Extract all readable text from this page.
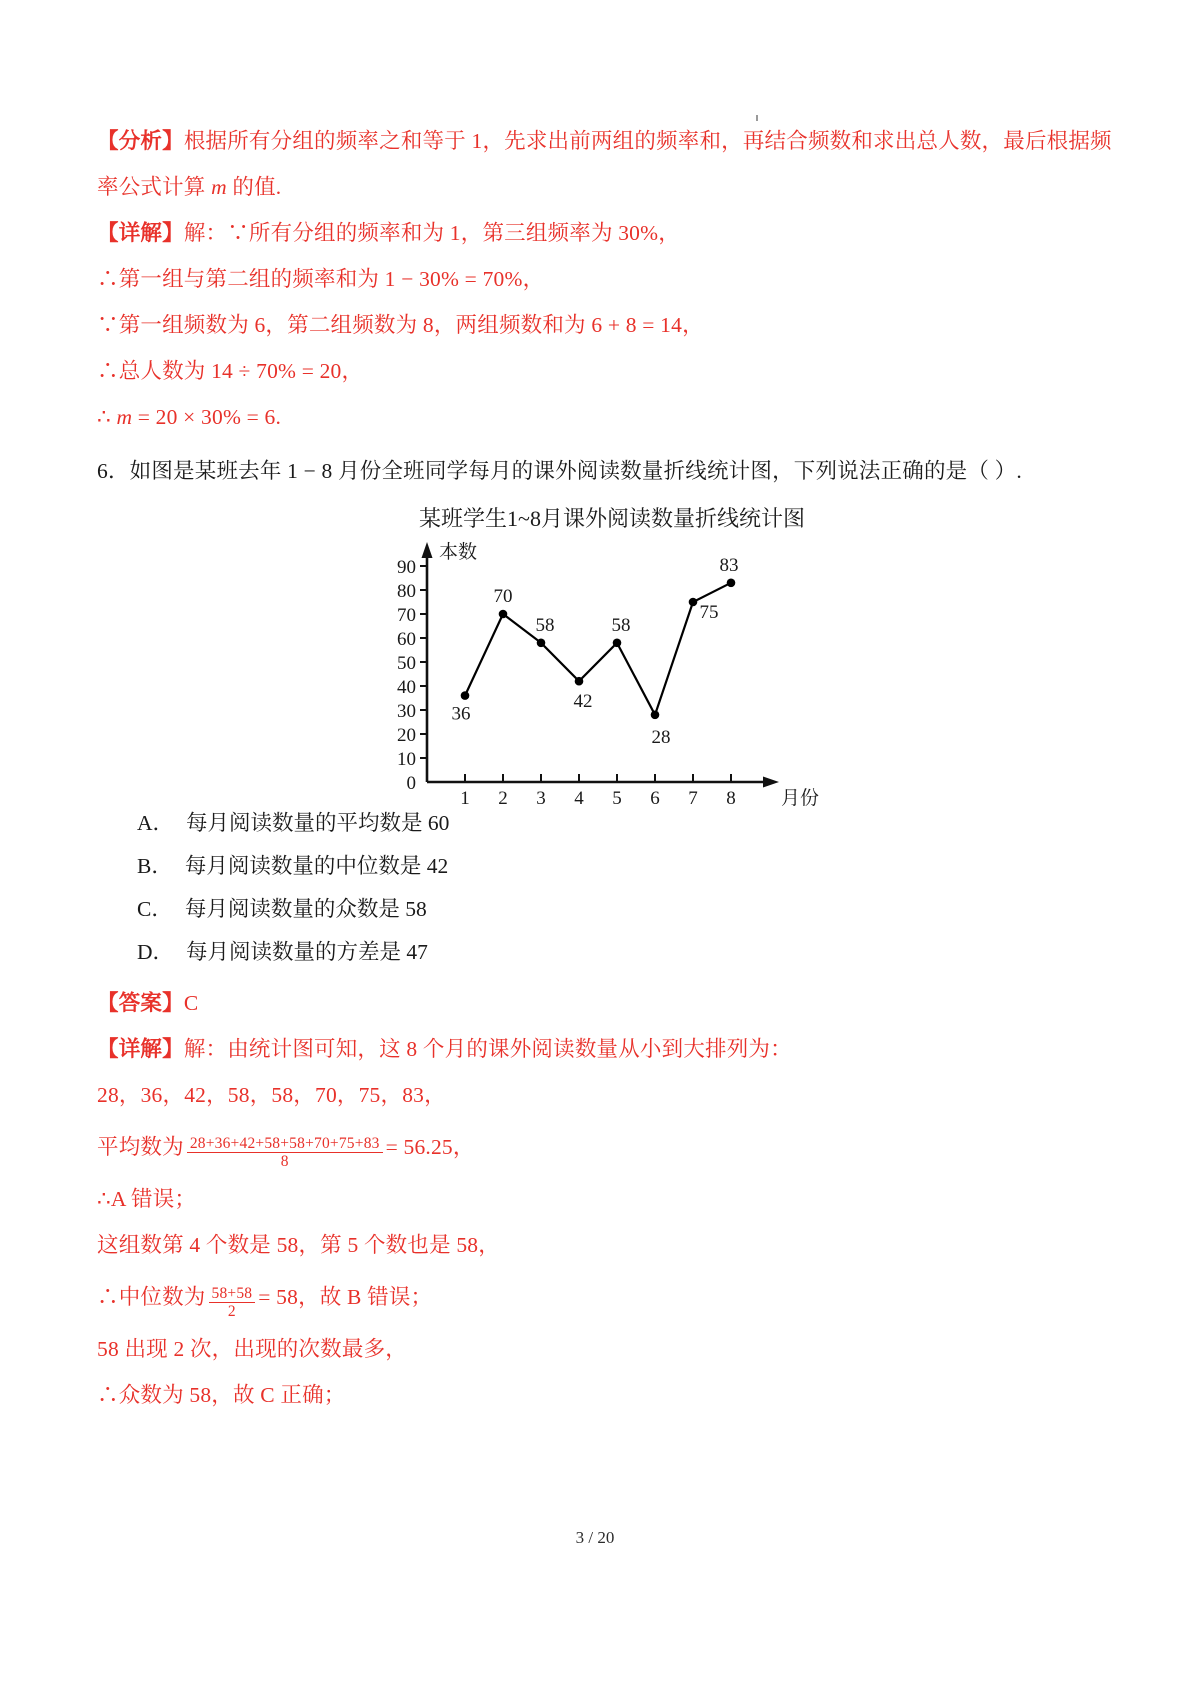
【分析】根据所有分组的频率之和等于 1，先求出前两组的频率和，再结合频数和求出总人数，最后根据频
率公式计算 m 的值.
【详解】解：∵所有分组的频率和为 1，第三组频率为 30%，
∴第一组与第二组的频率和为 1 − 30% = 70%，
∵第一组频数为 6，第二组频数为 8，两组频数和为 6 + 8 = 14，
∴总人数为 14 ÷ 70% = 20，
∴ m = 20 × 30% = 6.
6．如图是某班去年 1 − 8 月份全班同学每月的课外阅读数量折线统计图，下列说法正确的是（ ）.
某班学生1~8月课外阅读数量折线统计图
0
10
20
30
40
50
60
70
80
90
1 2 3 4 5 6 7 8
36
70
58
42
58
28
75
83
本数
月份
A． 每月阅读数量的平均数是 60
B． 每月阅读数量的中位数是 42
C． 每月阅读数量的众数是 58
D． 每月阅读数量的方差是 47
【答案】C
【详解】解：由统计图可知，这 8 个月的课外阅读数量从小到大排列为：
28，36，42，58，58，70，75，83，
平均数为 $\frac{28+36+42+58+58+70+75+83}{8} = 56.25$，
∴A 错误；
这组数第 4 个数是 58，第 5 个数也是 58，
∴中位数为 $\frac{58+58}{2} = 58$，故 B 错误；
58 出现 2 次，出现的次数最多，
∴众数为 58，故 C 正确；
3 / 20
